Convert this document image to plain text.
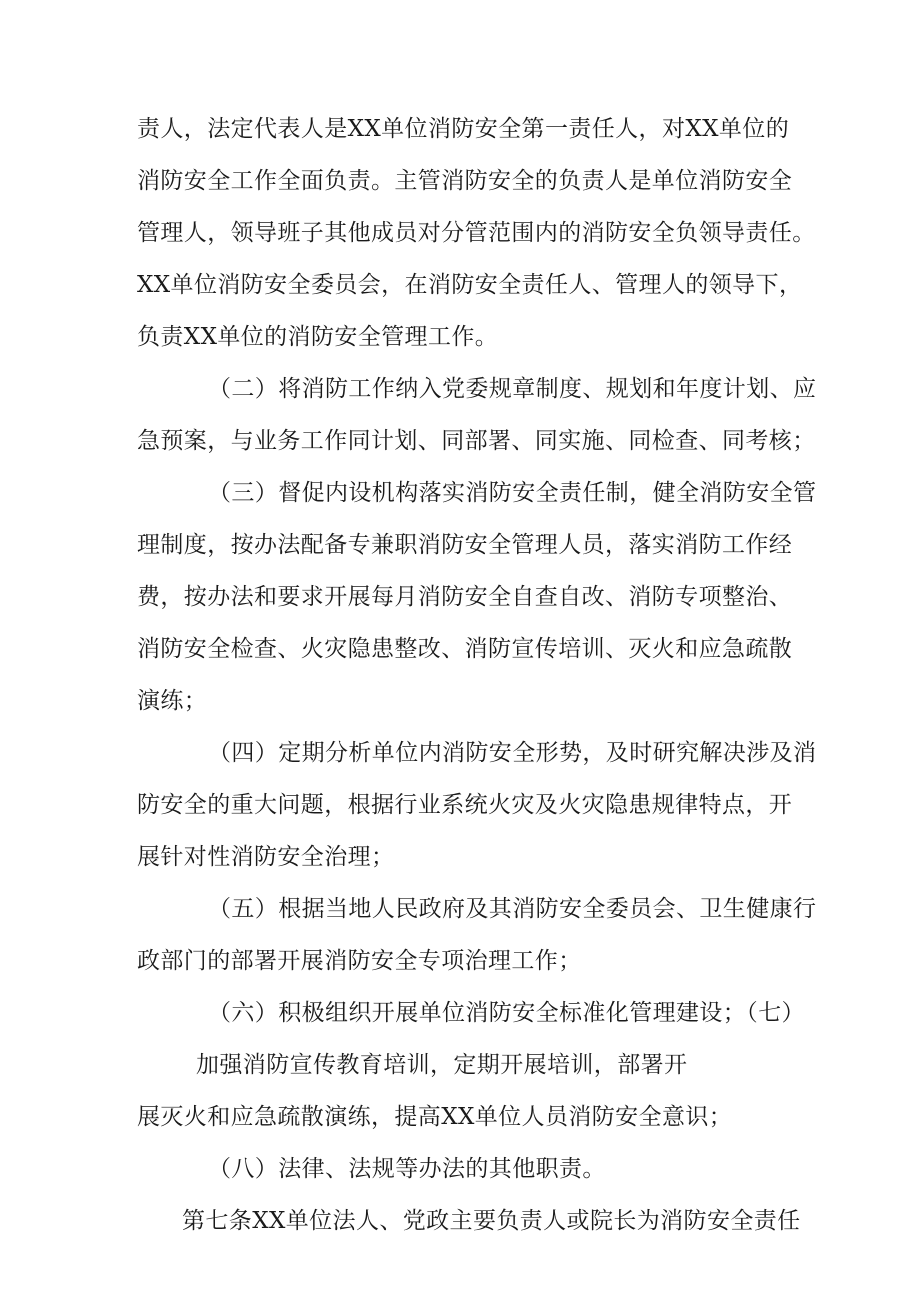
责人，法定代表人是XX单位消防安全第一责任人，对XX单位的
消防安全工作全面负责。主管消防安全的负责人是单位消防安全
管理人，领导班子其他成员对分管范围内的消防安全负领导责任。
XX单位消防安全委员会，在消防安全责任人、管理人的领导下，
负责XX单位的消防安全管理工作。
（二）将消防工作纳入党委规章制度、规划和年度计划、应
急预案，与业务工作同计划、同部署、同实施、同检查、同考核；
（三）督促内设机构落实消防安全责任制，健全消防安全管
理制度，按办法配备专兼职消防安全管理人员，落实消防工作经
费，按办法和要求开展每月消防安全自查自改、消防专项整治、
消防安全检查、火灾隐患整改、消防宣传培训、灭火和应急疏散
演练；
（四）定期分析单位内消防安全形势，及时研究解决涉及消
防安全的重大问题，根据行业系统火灾及火灾隐患规律特点，开
展针对性消防安全治理；
（五）根据当地人民政府及其消防安全委员会、卫生健康行
政部门的部署开展消防安全专项治理工作；
（六）积极组织开展单位消防安全标准化管理建设；（七）
加强消防宣传教育培训，定期开展培训，部署开
展灭火和应急疏散演练，提高XX单位人员消防安全意识；
（八）法律、法规等办法的其他职责。
第七条XX单位法人、党政主要负责人或院长为消防安全责任
